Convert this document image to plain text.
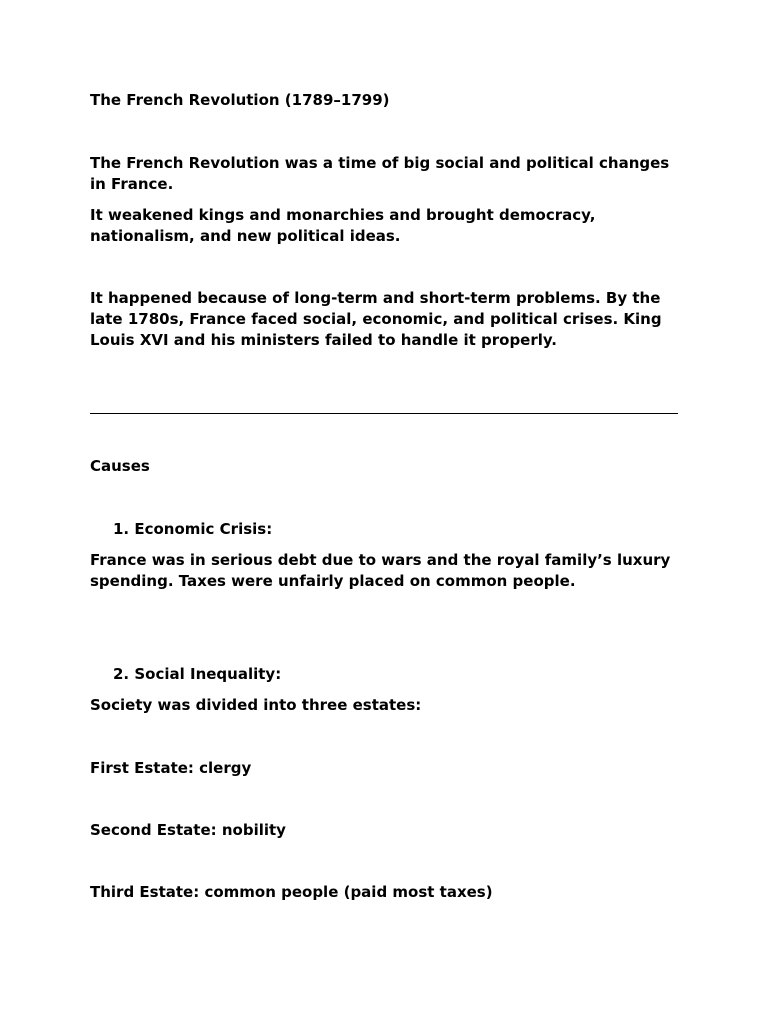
The French Revolution (1789–1799)

The French Revolution was a time of big social and political changes in France.

It weakened kings and monarchies and brought democracy, nationalism, and new political ideas.

It happened because of long-term and short-term problems. By the late 1780s, France faced social, economic, and political crises. King Louis XVI and his ministers failed to handle it properly.

Causes

1. Economic Crisis:

France was in serious debt due to wars and the royal family’s luxury spending. Taxes were unfairly placed on common people.

2. Social Inequality:

Society was divided into three estates:

First Estate: clergy

Second Estate: nobility

Third Estate: common people (paid most taxes)
